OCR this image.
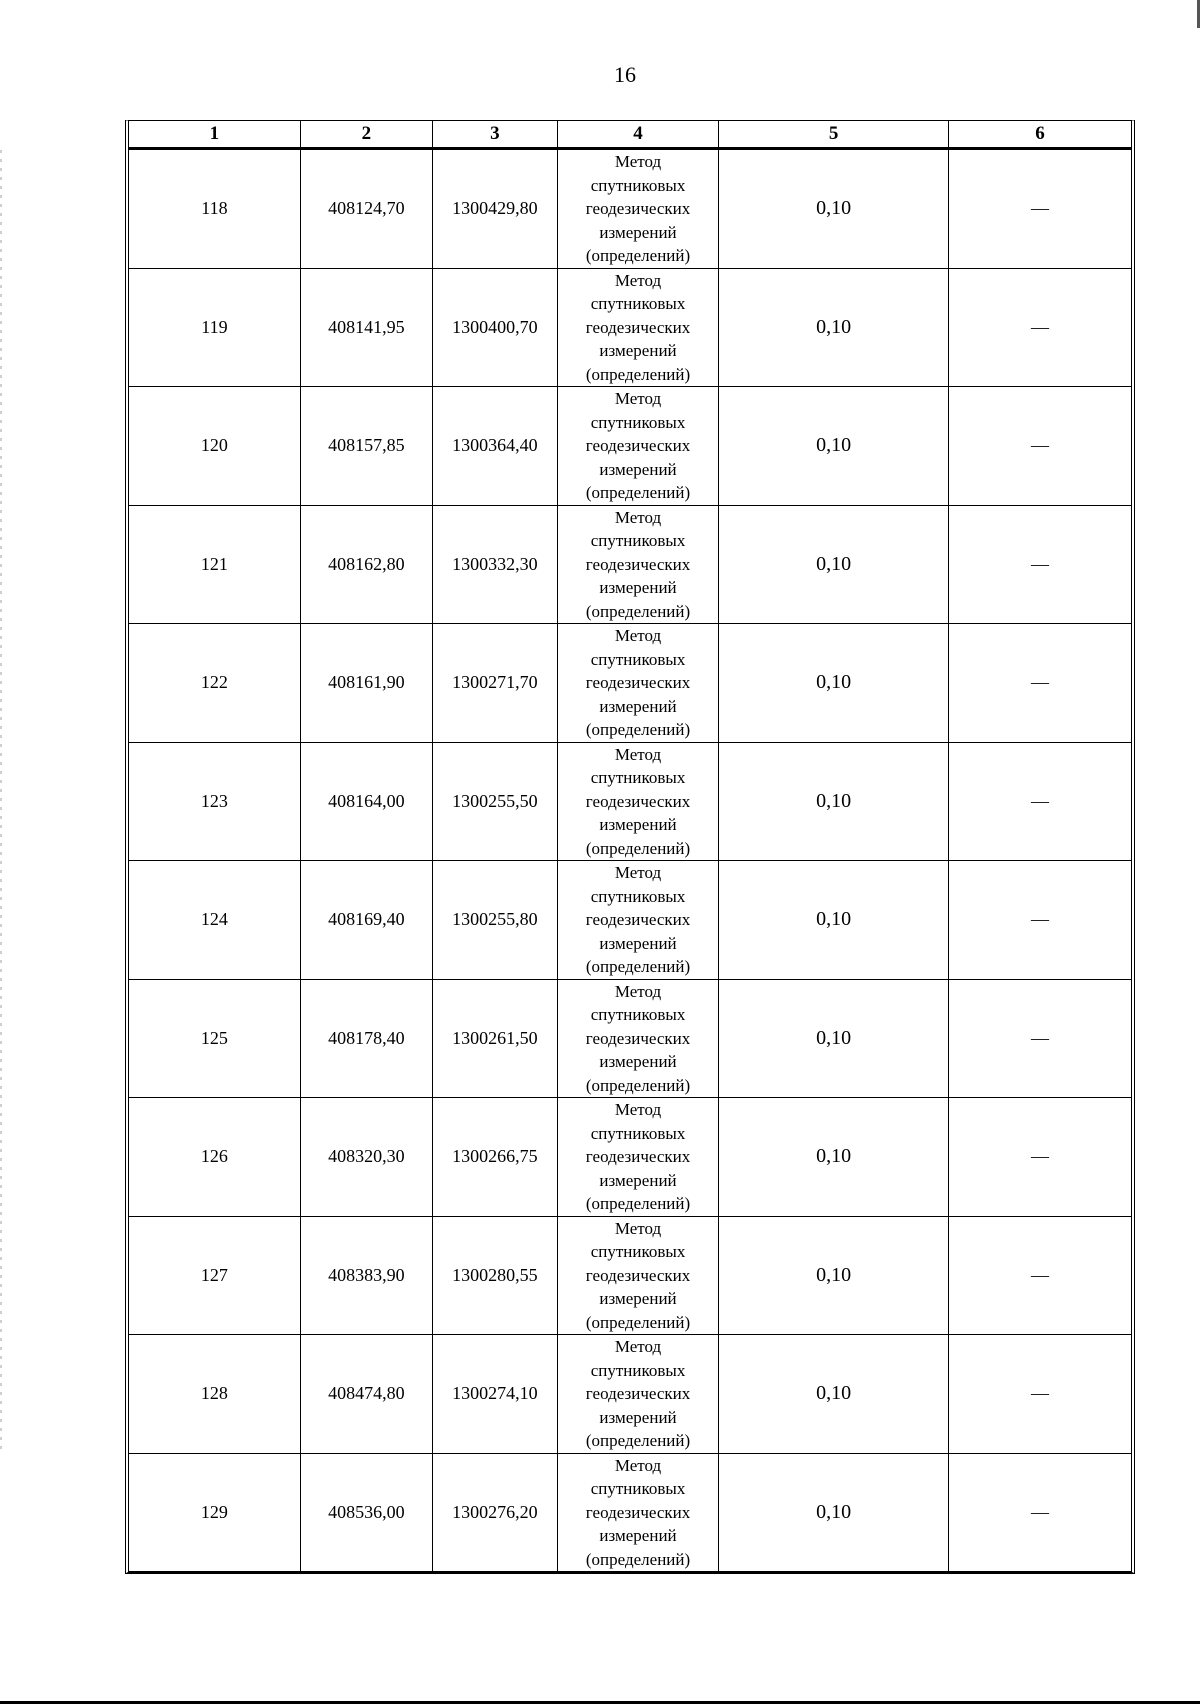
16
1	2	3	4	5	6
118	408124,70	1300429,80	Метод
спутниковых
геодезических
измерений
(определений)	0,10	—
119	408141,95	1300400,70	Метод
спутниковых
геодезических
измерений
(определений)	0,10	—
120	408157,85	1300364,40	Метод
спутниковых
геодезических
измерений
(определений)	0,10	—
121	408162,80	1300332,30	Метод
спутниковых
геодезических
измерений
(определений)	0,10	—
122	408161,90	1300271,70	Метод
спутниковых
геодезических
измерений
(определений)	0,10	—
123	408164,00	1300255,50	Метод
спутниковых
геодезических
измерений
(определений)	0,10	—
124	408169,40	1300255,80	Метод
спутниковых
геодезических
измерений
(определений)	0,10	—
125	408178,40	1300261,50	Метод
спутниковых
геодезических
измерений
(определений)	0,10	—
126	408320,30	1300266,75	Метод
спутниковых
геодезических
измерений
(определений)	0,10	—
127	408383,90	1300280,55	Метод
спутниковых
геодезических
измерений
(определений)	0,10	—
128	408474,80	1300274,10	Метод
спутниковых
геодезических
измерений
(определений)	0,10	—
129	408536,00	1300276,20	Метод
спутниковых
геодезических
измерений
(определений)	0,10	—
